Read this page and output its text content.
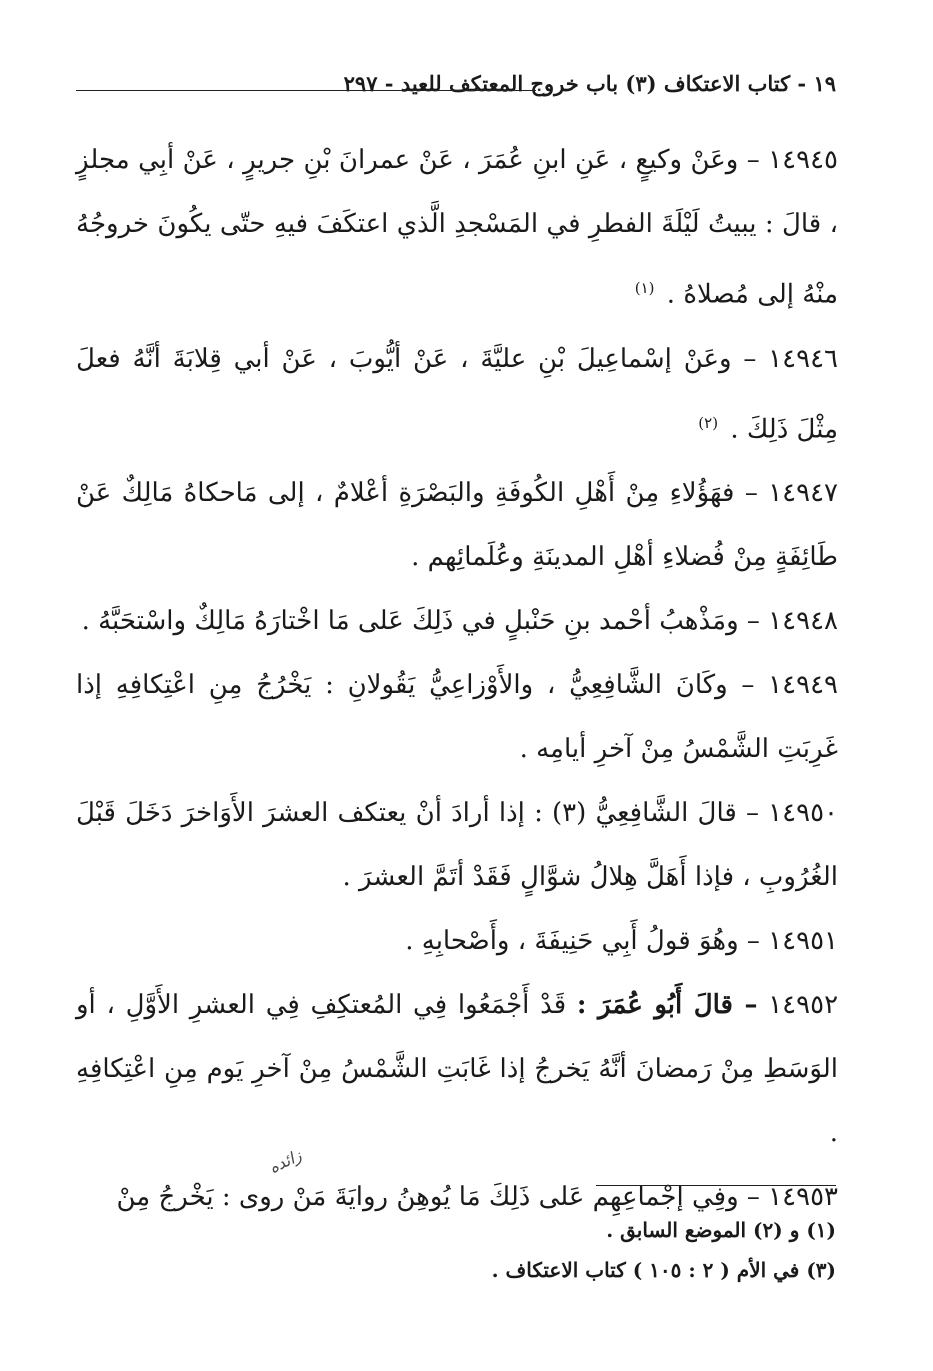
١٩ - كتاب الاعتكاف (٣) باب خروج المعتكف للعيد - ٢٩٧

١٤٩٤٥ – وعَنْ وكيعٍ ، عَنِ ابنِ عُمَرَ ، عَنْ عمرانَ بْنِ جريرٍ ، عَنْ أبِي مجلزٍ ، قالَ : يبيتُ لَيْلَةَ الفطرِ في المَسْجدِ الَّذي اعتكَفَ فيهِ حتّى يكُونَ خروجُهُ منْهُ إلى مُصلاهُ . $^{(١)}$

١٤٩٤٦ – وعَنْ إسْماعِيلَ بْنِ عليَّةَ ، عَنْ أيُّوبَ ، عَنْ أبي قِلابَةَ أنَّهُ فعلَ مِثْلَ ذَلِكَ . $^{(٢)}$

١٤٩٤٧ – فهَؤُلاءِ مِنْ أَهْلِ الكُوفَةِ والبَصْرَةِ أعْلامٌ ، إلى مَاحكاهُ مَالِكٌ عَنْ طَائِفَةٍ مِنْ فُضلاءِ أهْلِ المدينَةِ وعُلَمائِهم .

١٤٩٤٨ – ومَذْهبُ أحْمد بنِ حَنْبلٍ في ذَلِكَ عَلى مَا اخْتارَهُ مَالِكٌ واسْتحَبَّهُ .

١٤٩٤٩ – وكَانَ الشَّافِعِيُّ ، والأَوْزاعِيُّ يَقُولانِ : يَخْرُجُ مِنِ اعْتِكافِهِ إذا غَرِبَتِ الشَّمْسُ مِنْ آخرِ أيامِه .

١٤٩٥٠ – قالَ الشَّافِعِيُّ (٣) : إذا أرادَ أنْ يعتكف العشرَ الأَوَاخرَ دَخَلَ قَبْلَ الغُرُوبِ ، فإذا أَهَلَّ هِلالُ شوَّالٍ فَقَدْ أتَمَّ العشرَ .

١٤٩٥١ – وهُوَ قولُ أَبِي حَنِيفَةَ ، وأَصْحابِهِ .

١٤٩٥٢ – قالَ أَبُو عُمَرَ : قَدْ أَجْمَعُوا فِي المُعتكِفِ فِي العشرِ الأَوَّلِ ، أو الوَسَطِ مِنْ رَمضانَ أنَّهُ يَخرجُ إذا غَابَتِ الشَّمْسُ مِنْ آخرِ يَوم مِنِ اعْتِكافِهِ .

١٤٩٥٣ – وفِي إجْماعِهِم عَلى ذَلِكَ مَا يُوهِنُ روايَةَ مَنْ روى : يَخْرجُ مِنْ

زائده

(١) و (٢) الموضع السابق .

(٣) في الأم ( ٢ : ١٠٥ ) كتاب الاعتكاف .
